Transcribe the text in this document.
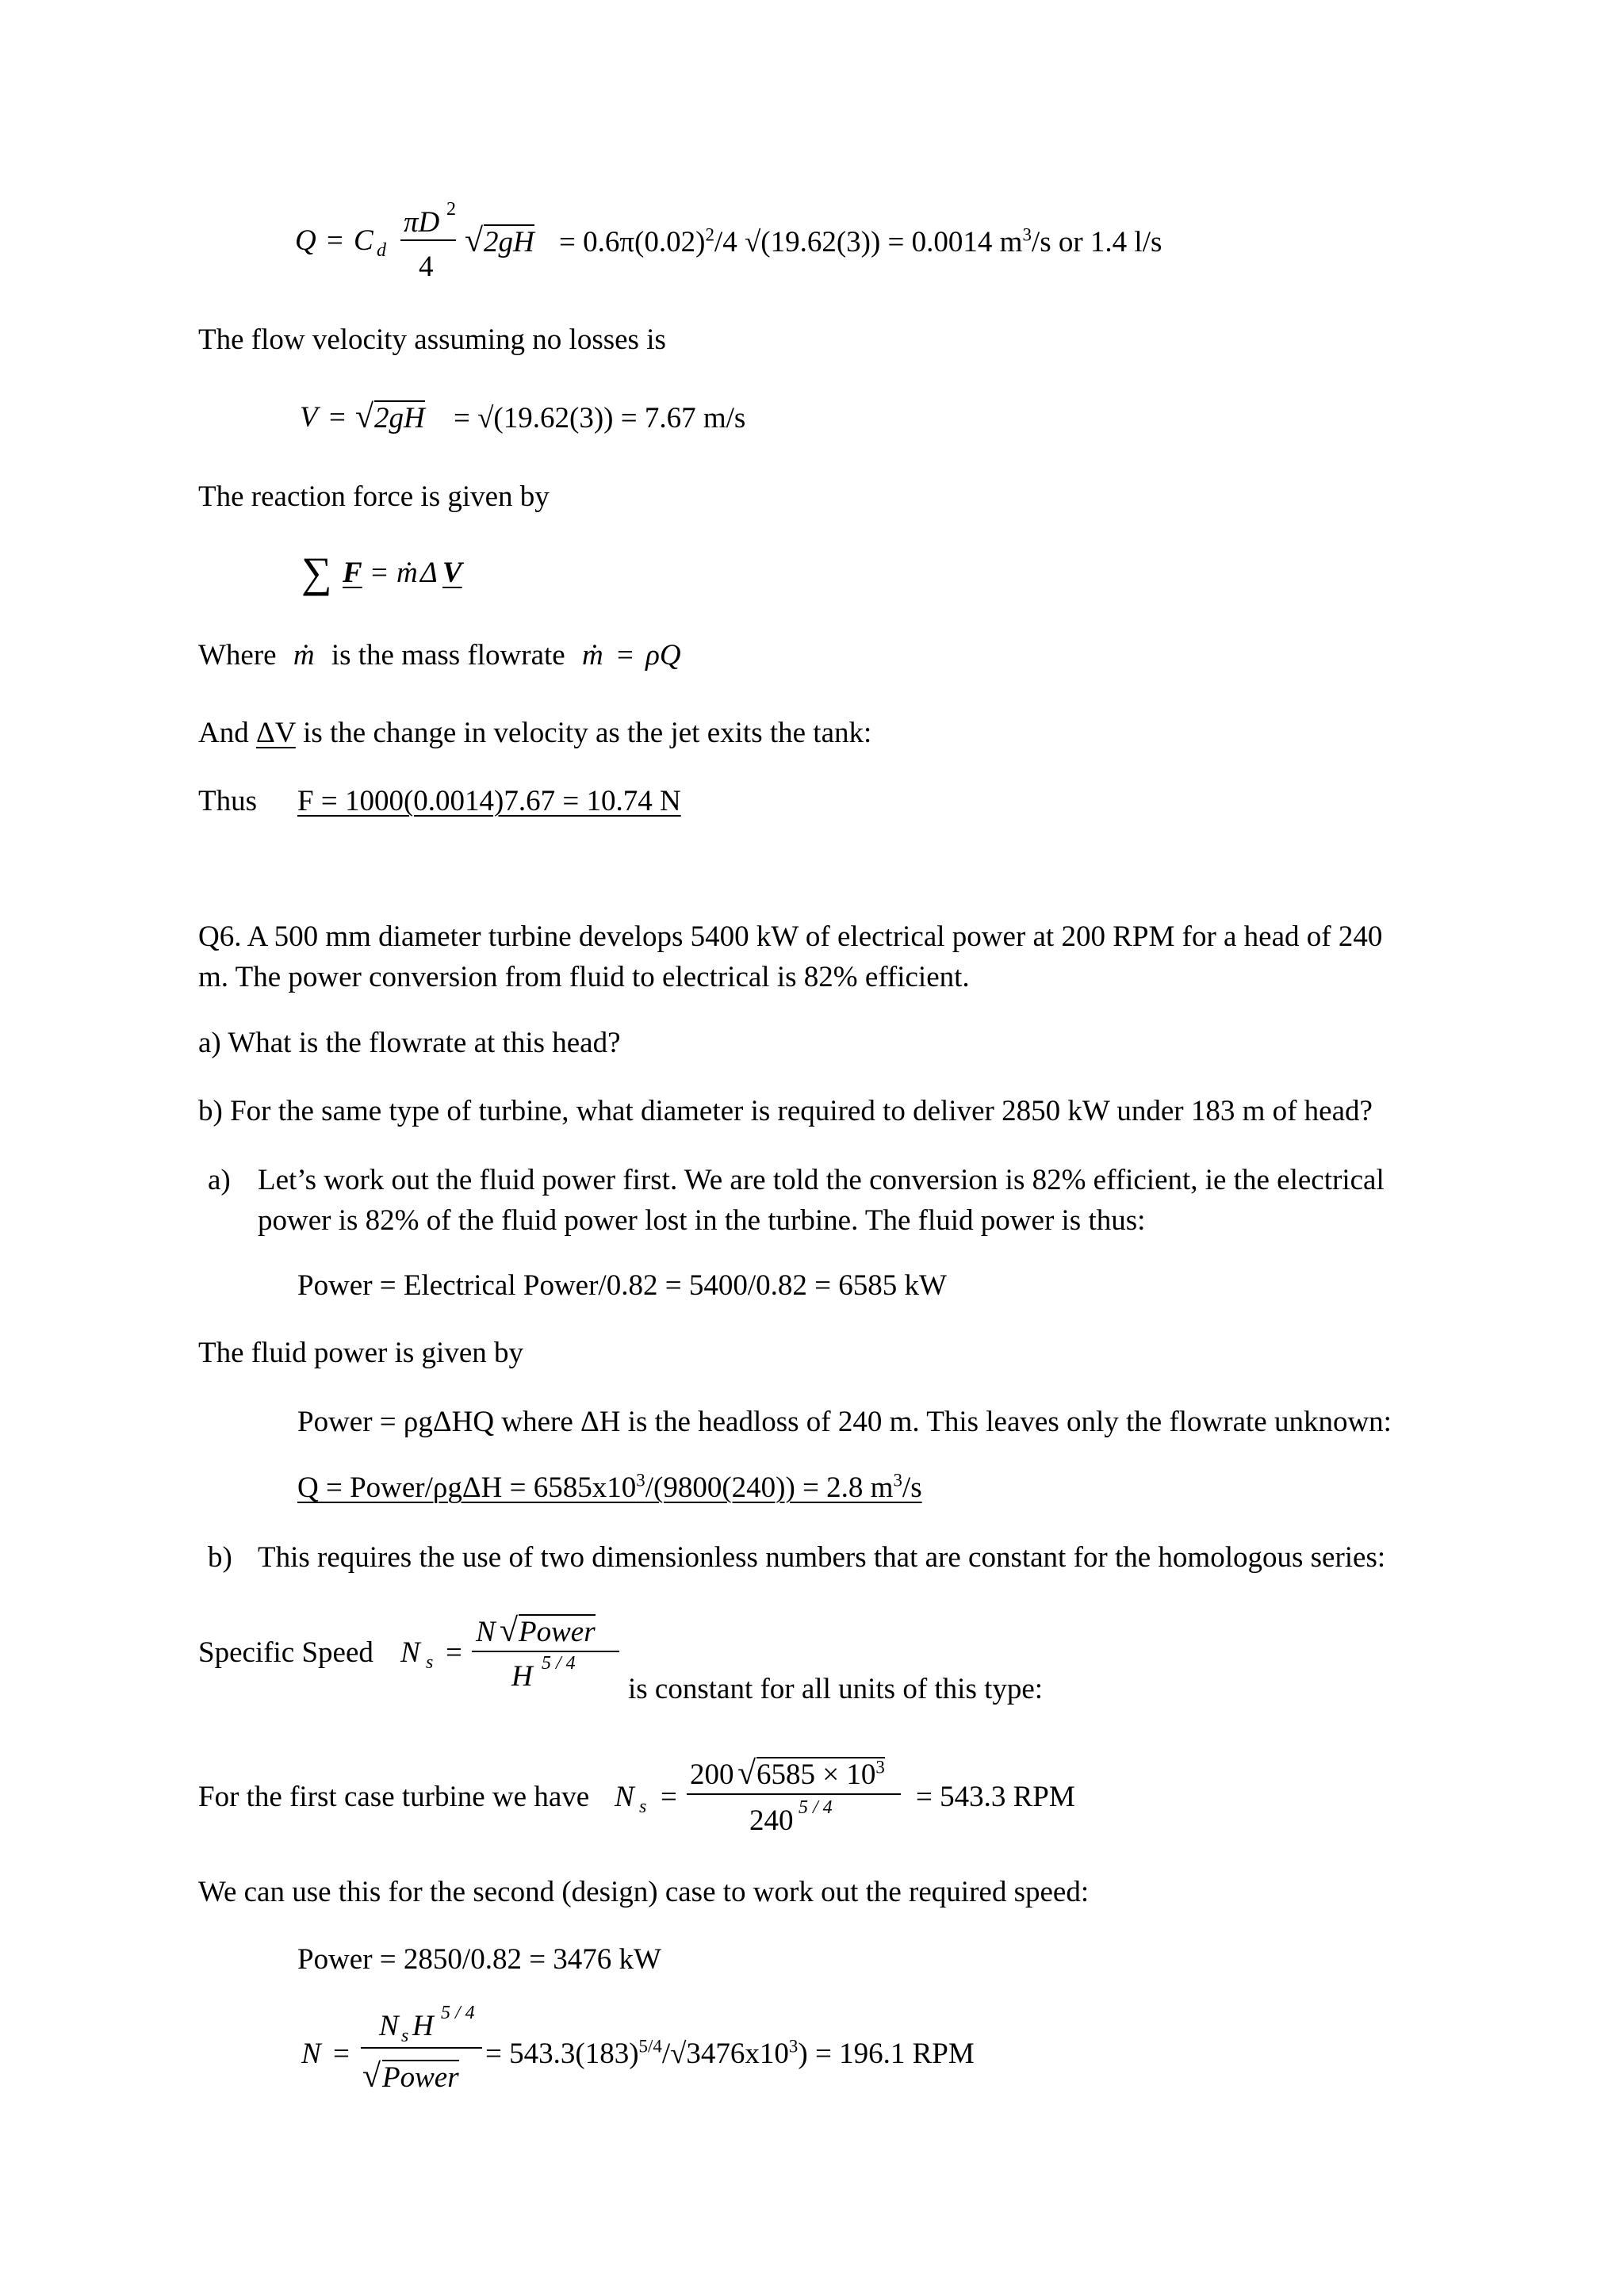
Q = C d
πD 2
4
√ $2gH = 0.6\pi(0.02)^2/4$ √(19.62(3)) = 0.0014 $m^3/s$ or 1.4 l/s
The flow velocity assuming no losses is
V = √ 2gH = √(19.62(3)) = 7.67 m/s
The reaction force is given by
∑ F = ṁ Δ V
Where ṁ is the mass flowrate ṁ = ρQ
And ΔV is the change in velocity as the jet exits the tank:
Thus F = 1000(0.0014)7.67 = 10.74 N
Q6. A 500 mm diameter turbine develops 5400 kW of electrical power at 200 RPM for a head of 240
m. The power conversion from fluid to electrical is 82% efficient.
a) What is the flowrate at this head?
b) For the same type of turbine, what diameter is required to deliver 2850 kW under 183 m of head?
a) Let’s work out the fluid power first. We are told the conversion is 82% efficient, ie the electrical
power is 82% of the fluid power lost in the turbine. The fluid power is thus:
Power = Electrical Power/0.82 = 5400/0.82 = 6585 kW
The fluid power is given by
Power = ρgΔHQ where ΔH is the headloss of 240 m. This leaves only the flowrate unknown:
Q = Power/ρgΔH = $6585x10^3/(9800(240)) = 2.8$ $m^3/s$
b) This requires the use of two dimensionless numbers that are constant for the homologous series:
Specific Speed N s =
N √ Power
H 5 / 4
is constant for all units of this type:
For the first case turbine we have N s =
200 √ $6585 \times 10^3$
240 5 / 4	= 543.3 RPM
We can use this for the second (design) case to work out the required speed:
Power = 2850/0.82 = 3476 kW
N =
N s H 5 / 4
√ Power
= $543.3(183)^{5/4}/√3476x10^3) = 196.1$ RPM
